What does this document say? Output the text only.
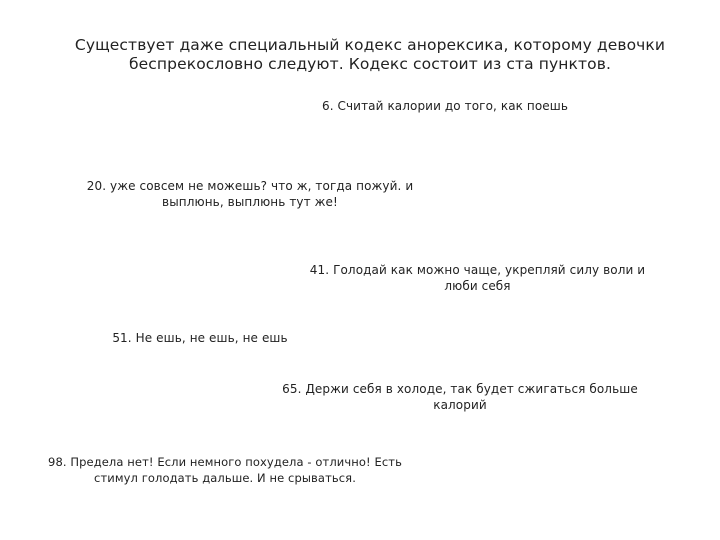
Существует даже специальный кодекс анорексика, которому девочки
беспрекословно следуют. Кодекс состоит из ста пунктов.
6. Считай калории до того, как поешь
20. уже совсем не можешь? что ж, тогда пожуй. и
выплюнь, выплюнь тут же!
41. Голодай как можно чаще, укрепляй силу воли и
люби себя
51. Не ешь, не ешь, не ешь
65. Держи себя в холоде, так будет сжигаться больше
калорий
98. Предела нет! Если немного похудела - отлично! Есть
стимул голодать дальше. И не срываться.
